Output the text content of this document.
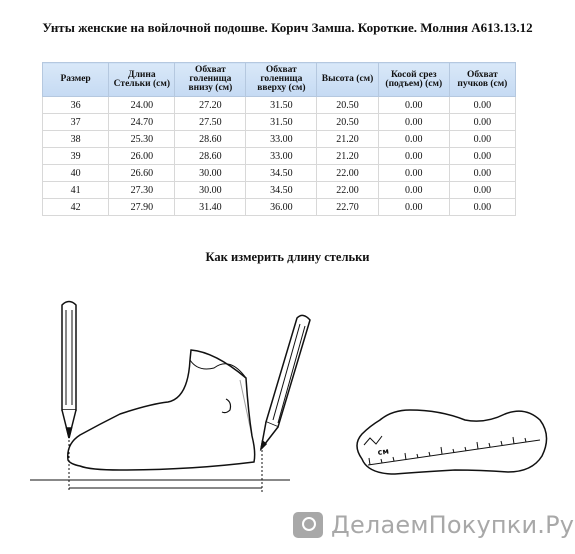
Унты женские на войлочной подошве. Корич Замша. Короткие. Молния А613.13.12
Размер	Длина Стельки (см)	Обхват голенища внизу (см)	Обхват голенища вверху (см)	Высота (см)	Косой срез (подъем) (см)	Обхват пучков (см)
36	24.00	27.20	31.50	20.50	0.00	0.00
37	24.70	27.50	31.50	20.50	0.00	0.00
38	25.30	28.60	33.00	21.20	0.00	0.00
39	26.00	28.60	33.00	21.20	0.00	0.00
40	26.60	30.00	34.50	22.00	0.00	0.00
41	27.30	30.00	34.50	22.00	0.00	0.00
42	27.90	31.40	36.00	22.70	0.00	0.00
Как измерить длину стельки
см
ДелаемПокупки.Ру
